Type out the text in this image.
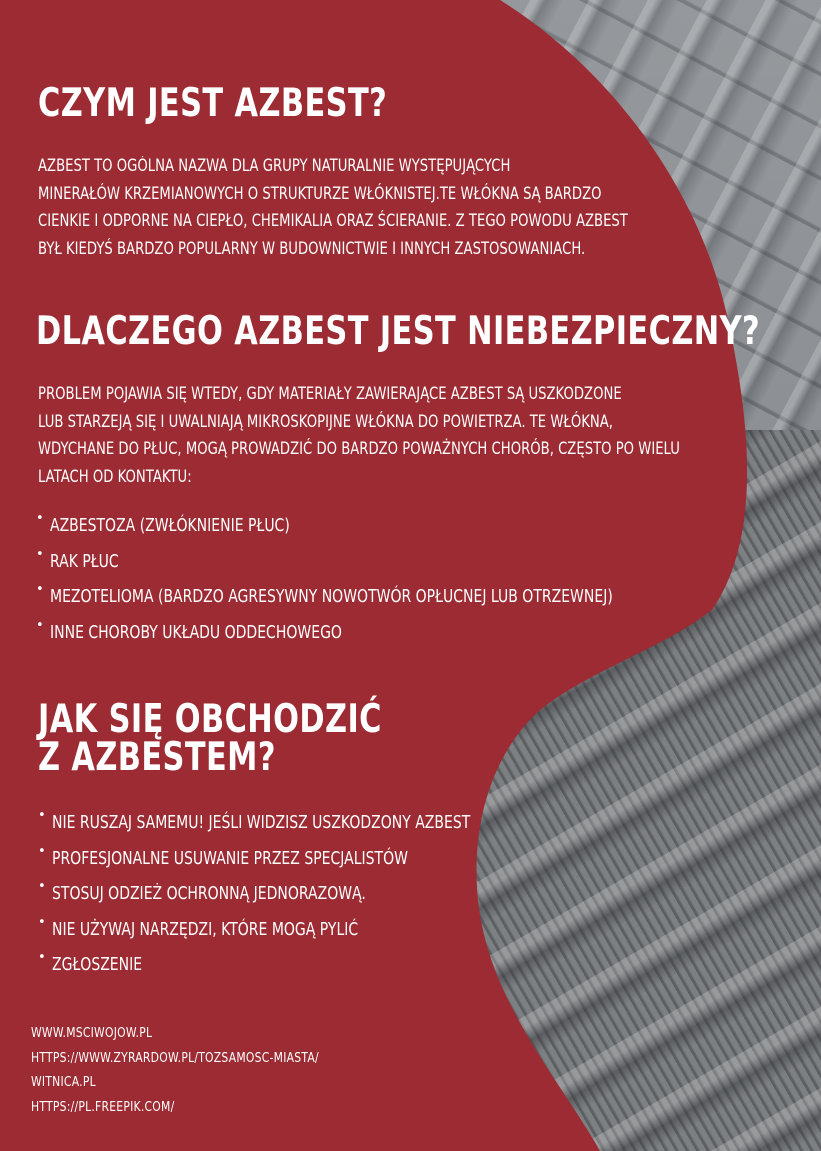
CZYM JEST AZBEST?
AZBEST TO OGÓLNA NAZWA DLA GRUPY NATURALNIE WYSTĘPUJĄCYCH
MINERAŁÓW KRZEMIANOWYCH O STRUKTURZE WŁÓKNISTEJ.TE WŁÓKNA SĄ BARDZO
CIENKIE I ODPORNE NA CIEPŁO, CHEMIKALIA ORAZ ŚCIERANIE. Z TEGO POWODU AZBEST
BYŁ KIEDYŚ BARDZO POPULARNY W BUDOWNICTWIE I INNYCH ZASTOSOWANIACH.
DLACZEGO AZBEST JEST NIEBEZPIECZNY?
PROBLEM POJAWIA SIĘ WTEDY, GDY MATERIAŁY ZAWIERAJĄCE AZBEST SĄ USZKODZONE
LUB STARZEJĄ SIĘ I UWALNIAJĄ MIKROSKOPIJNE WŁÓKNA DO POWIETRZA. TE WŁÓKNA,
WDYCHANE DO PŁUC, MOGĄ PROWADZIĆ DO BARDZO POWAŻNYCH CHORÓB, CZĘSTO PO WIELU
LATACH OD KONTAKTU:
• AZBESTOZA (ZWŁÓKNIENIE PŁUC)
• RAK PŁUC
• MEZOTELIOMA (BARDZO AGRESYWNY NOWOTWÓR OPŁUCNEJ LUB OTRZEWNEJ)
• INNE CHOROBY UKŁADU ODDECHOWEGO
JAK SIĘ OBCHODZIĆ
Z AZBESTEM?
• NIE RUSZAJ SAMEMU! JEŚLI WIDZISZ USZKODZONY AZBEST
• PROFESJONALNE USUWANIE PRZEZ SPECJALISTÓW
• STOSUJ ODZIEŻ OCHRONNĄ JEDNORAZOWĄ.
• NIE UŻYWAJ NARZĘDZI, KTÓRE MOGĄ PYLIĆ
• ZGŁOSZENIE
WWW.MSCIWOJOW.PL
HTTPS://WWW.ZYRARDOW.PL/TOZSAMOSC-MIASTA/
WITNICA.PL
HTTPS://PL.FREEPIK.COM/
